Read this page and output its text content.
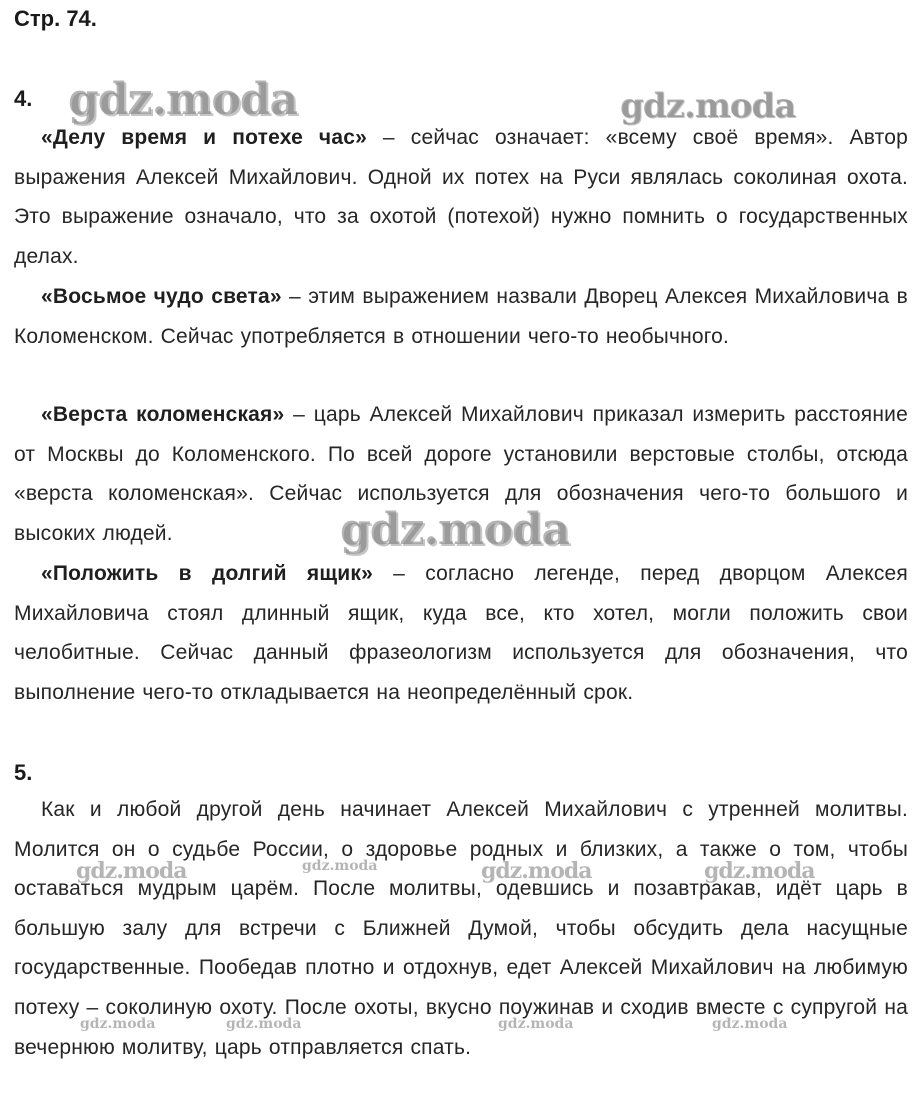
Стр. 74.
4.

«Делу время и потехе час» – сейчас означает: «всему своё время». Автор выражения Алексей Михайлович. Одной их потех на Руси являлась соколиная охота. Это выражение означало, что за охотой (потехой) нужно помнить о государственных делах.

«Восьмое чудо света» – этим выражением назвали Дворец Алексея Михайловича в Коломенском. Сейчас употребляется в отношении чего-то необычного.

«Верста коломенская» – царь Алексей Михайлович приказал измерить расстояние от Москвы до Коломенского. По всей дороге установили верстовые столбы, отсюда «верста коломенская». Сейчас используется для обозначения чего-то большого и высоких людей.

«Положить в долгий ящик» – согласно легенде, перед дворцом Алексея Михайловича стоял длинный ящик, куда все, кто хотел, могли положить свои челобитные. Сейчас данный фразеологизм используется для обозначения, что выполнение чего-то откладывается на неопределённый срок.

5.

Как и любой другой день начинает Алексей Михайлович с утренней молитвы. Молится он о судьбе России, о здоровье родных и близких, а также о том, чтобы оставаться мудрым царём. После молитвы, одевшись и позавтракав, идёт царь в большую залу для встречи с Ближней Думой, чтобы обсудить дела насущные государственные. Пообедав плотно и отдохнув, едет Алексей Михайлович на любимую потеху – соколиную охоту. После охоты, вкусно поужинав и сходив вместе с супругой на вечернюю молитву, царь отправляется спать.

gdz.moda	gdz.moda
gdz.moda
gdz.moda	gdz.moda	gdz.moda	gdz.moda
gdz.moda	gdz.moda	gdz.moda	gdz.moda
